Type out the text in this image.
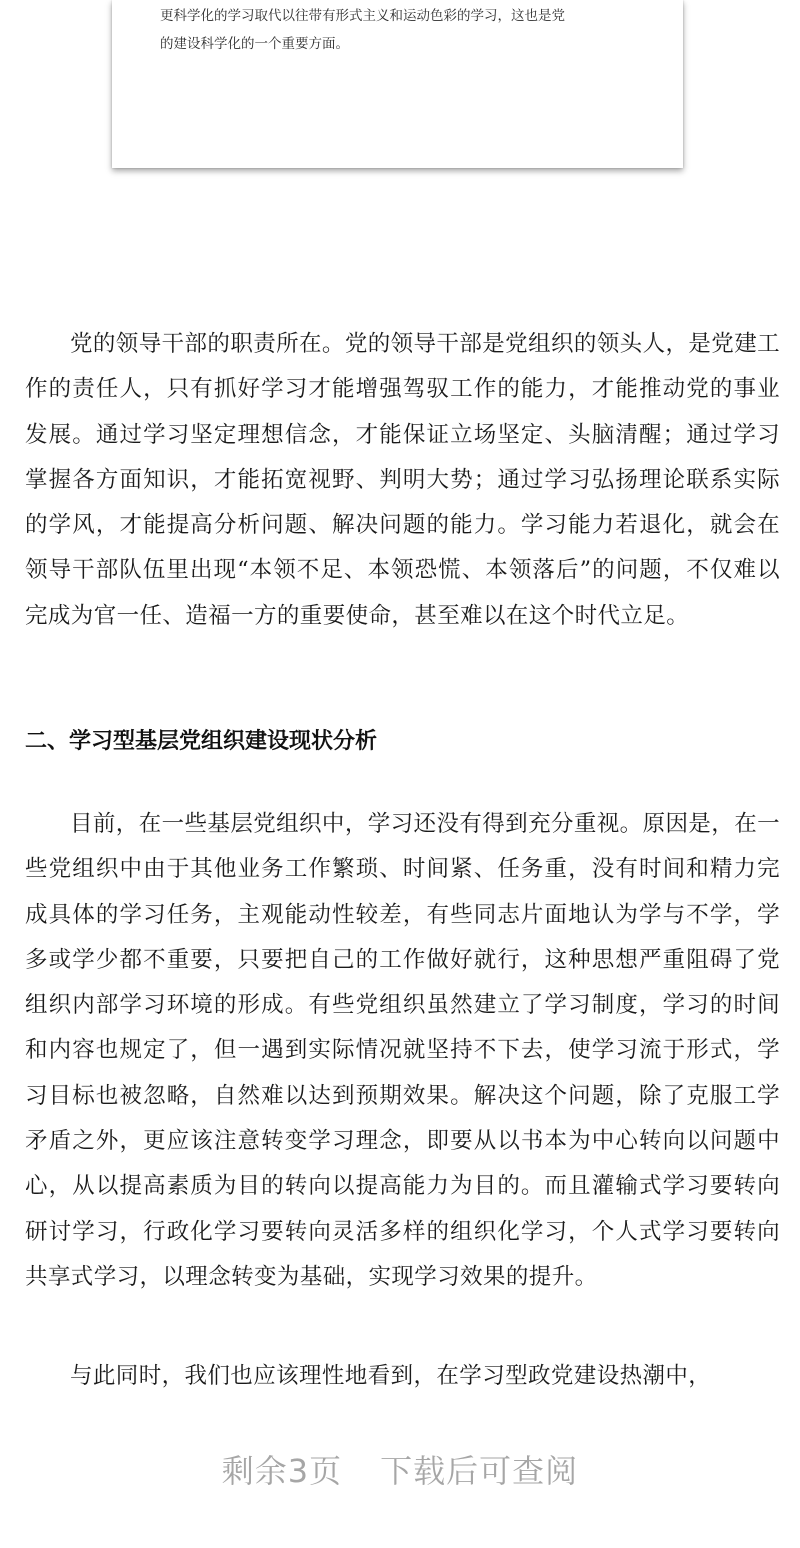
更科学化的学习取代以往带有形式主义和运动色彩的学习，这也是党
的建设科学化的一个重要方面。
党的领导干部的职责所在。党的领导干部是党组织的领头人，是党建工作的责任人，只有抓好学习才能增强驾驭工作的能力，才能推动党的事业发展。通过学习坚定理想信念，才能保证立场坚定、头脑清醒；通过学习掌握各方面知识，才能拓宽视野、判明大势；通过学习弘扬理论联系实际的学风，才能提高分析问题、解决问题的能力。学习能力若退化，就会在领导干部队伍里出现“本领不足、本领恐慌、本领落后”的问题，不仅难以完成为官一任、造福一方的重要使命，甚至难以在这个时代立足。
二、学习型基层党组织建设现状分析
目前，在一些基层党组织中，学习还没有得到充分重视。原因是，在一些党组织中由于其他业务工作繁琐、时间紧、任务重，没有时间和精力完成具体的学习任务，主观能动性较差，有些同志片面地认为学与不学，学多或学少都不重要，只要把自己的工作做好就行，这种思想严重阻碍了党组织内部学习环境的形成。有些党组织虽然建立了学习制度，学习的时间和内容也规定了，但一遇到实际情况就坚持不下去，使学习流于形式，学习目标也被忽略，自然难以达到预期效果。解决这个问题，除了克服工学矛盾之外，更应该注意转变学习理念，即要从以书本为中心转向以问题中心，从以提高素质为目的转向以提高能力为目的。而且灌输式学习要转向研讨学习，行政化学习要转向灵活多样的组织化学习，个人式学习要转向共享式学习，以理念转变为基础，实现学习效果的提升。
与此同时，我们也应该理性地看到，在学习型政党建设热潮中，
剩余3页 下载后可查阅
